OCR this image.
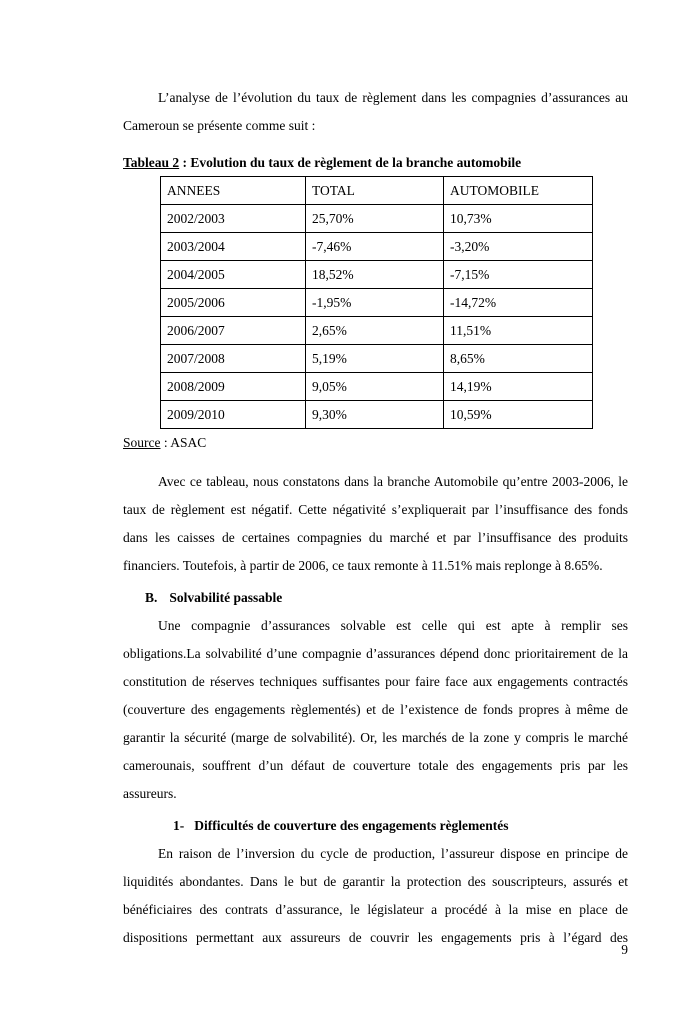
L’analyse de l’évolution du taux de règlement dans les compagnies d’assurances au Cameroun se présente comme suit :

Tableau 2 : Evolution du taux de règlement de la branche automobile

ANNEES	TOTAL	AUTOMOBILE
2002/2003	25,70%	10,73%
2003/2004	-7,46%	-3,20%
2004/2005	18,52%	-7,15%
2005/2006	-1,95%	-14,72%
2006/2007	2,65%	11,51%
2007/2008	5,19%	8,65%
2008/2009	9,05%	14,19%
2009/2010	9,30%	10,59%

Source : ASAC

Avec ce tableau, nous constatons dans la branche Automobile qu’entre 2003-2006, le taux de règlement est négatif. Cette négativité s’expliquerait par l’insuffisance des fonds dans les caisses de certaines compagnies du marché et par l’insuffisance des produits financiers. Toutefois, à partir de 2006, ce taux remonte à 11.51% mais replonge à 8.65%.

B. Solvabilité passable

Une compagnie d’assurances solvable est celle qui est apte à remplir ses obligations.La solvabilité d’une compagnie d’assurances dépend donc prioritairement de la constitution de réserves techniques suffisantes pour faire face aux engagements contractés (couverture des engagements règlementés) et de l’existence de fonds propres à même de garantir la sécurité (marge de solvabilité). Or, les marchés de la zone y compris le marché camerounais, souffrent d’un défaut de couverture totale des engagements pris par les assureurs.

1- Difficultés de couverture des engagements règlementés

En raison de l’inversion du cycle de production, l’assureur dispose en principe de liquidités abondantes. Dans le but de garantir la protection des souscripteurs, assurés et bénéficiaires des contrats d’assurance, le législateur a procédé à la mise en place de dispositions permettant aux assureurs de couvrir les engagements pris à l’égard des

9
